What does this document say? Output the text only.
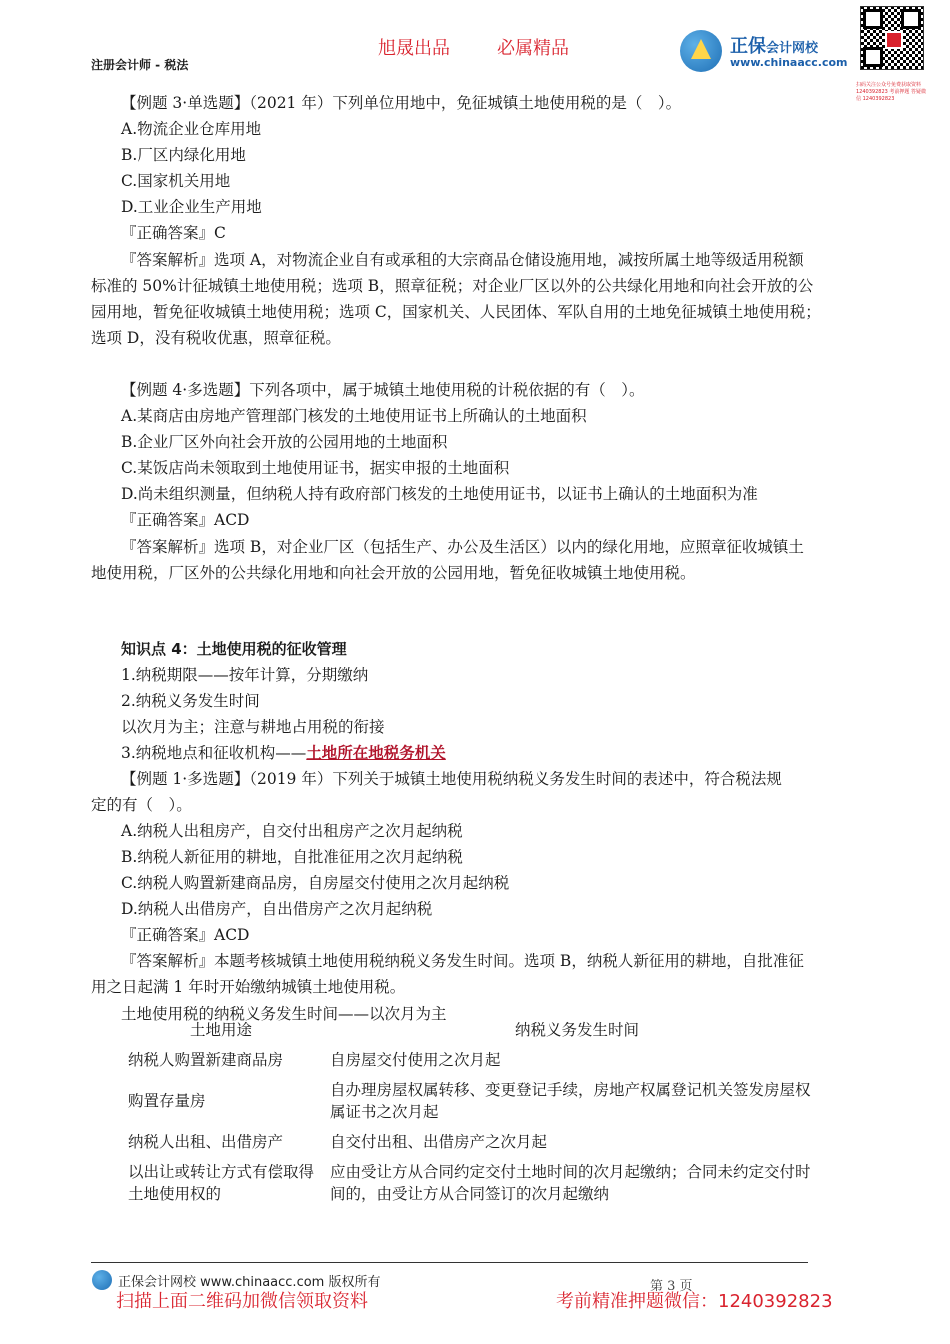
旭晟出品	必属精品
注册会计师 - 税法
正保会计网校
www.chinaacc.com
扫码关注公众号免费获取资料 1240392823 考前押题 答疑微信 1240392823
【例题 3·单选题】（2021 年）下列单位用地中，免征城镇土地使用税的是（　）。
A.物流企业仓库用地
B.厂区内绿化用地
C.国家机关用地
D.工业企业生产用地
『正确答案』C
『答案解析』选项 A，对物流企业自有或承租的大宗商品仓储设施用地，减按所属土地等级适用税额
标准的 50%计征城镇土地使用税；选项 B，照章征税；对企业厂区以外的公共绿化用地和向社会开放的公
园用地，暂免征收城镇土地使用税；选项 C，国家机关、人民团体、军队自用的土地免征城镇土地使用税；
选项 D，没有税收优惠，照章征税。
【例题 4·多选题】下列各项中，属于城镇土地使用税的计税依据的有（　）。
A.某商店由房地产管理部门核发的土地使用证书上所确认的土地面积
B.企业厂区外向社会开放的公园用地的土地面积
C.某饭店尚未领取到土地使用证书，据实申报的土地面积
D.尚未组织测量，但纳税人持有政府部门核发的土地使用证书，以证书上确认的土地面积为准
『正确答案』ACD
『答案解析』选项 B，对企业厂区（包括生产、办公及生活区）以内的绿化用地，应照章征收城镇土
地使用税，厂区外的公共绿化用地和向社会开放的公园用地，暂免征收城镇土地使用税。
知识点 4：土地使用税的征收管理
1.纳税期限——按年计算，分期缴纳
2.纳税义务发生时间
以次月为主；注意与耕地占用税的衔接
3.纳税地点和征收机构——土地所在地税务机关
【例题 1·多选题】（2019 年）下列关于城镇土地使用税纳税义务发生时间的表述中，符合税法规
定的有（　）。
A.纳税人出租房产，自交付出租房产之次月起纳税
B.纳税人新征用的耕地，自批准征用之次月起纳税
C.纳税人购置新建商品房，自房屋交付使用之次月起纳税
D.纳税人出借房产，自出借房产之次月起纳税
『正确答案』ACD
『答案解析』本题考核城镇土地使用税纳税义务发生时间。选项 B，纳税人新征用的耕地，自批准征
用之日起满 1 年时开始缴纳城镇土地使用税。
土地使用税的纳税义务发生时间——以次月为主
土地用途	纳税义务发生时间
纳税人购置新建商品房	自房屋交付使用之次月起
购置存量房	自办理房屋权属转移、变更登记手续，房地产权属登记机关签发房屋权属证书之次月起
纳税人出租、出借房产	自交付出租、出借房产之次月起
以出让或转让方式有偿取得土地使用权的	应由受让方从合同约定交付土地时间的次月起缴纳；合同未约定交付时间的，由受让方从合同签订的次月起缴纳
正保会计网校 www.chinaacc.com 版权所有	第 3 页
扫描上面二维码加微信领取资料	考前精准押题微信：1240392823
